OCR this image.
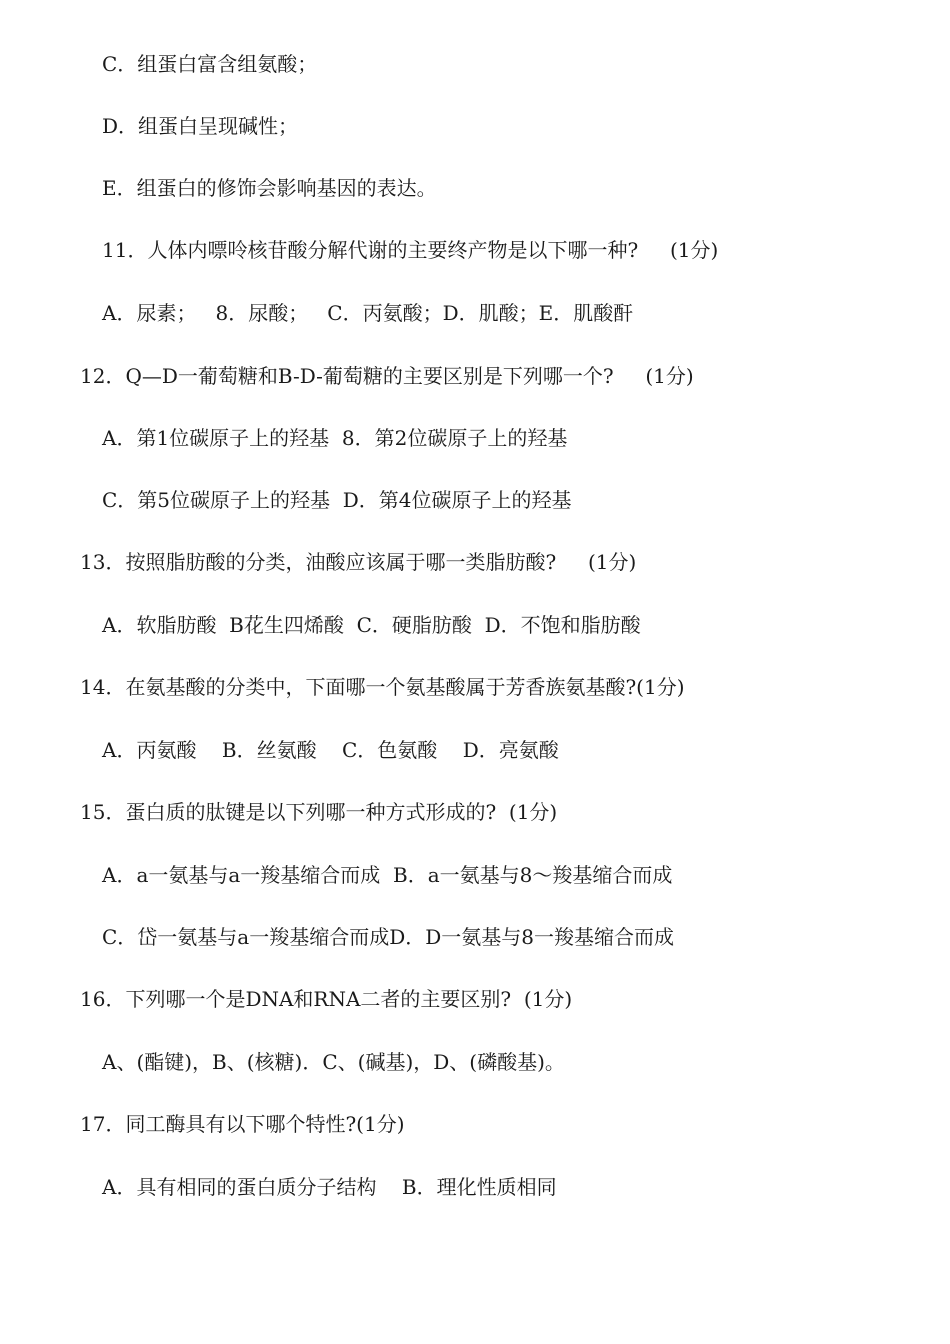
C．组蛋白富含组氨酸；

D．组蛋白呈现碱性；

E．组蛋白的修饰会影响基因的表达。

11．人体内嘌呤核苷酸分解代谢的主要终产物是以下哪一种?     (1分)

A．尿素；   8．尿酸；   C．丙氨酸；D．肌酸；E．肌酸酐

12．Q—D一葡萄糖和B-D-葡萄糖的主要区别是下列哪一个?     (1分)

A．第1位碳原子上的羟基  8．第2位碳原子上的羟基

C．第5位碳原子上的羟基  D．第4位碳原子上的羟基

13．按照脂肪酸的分类，油酸应该属于哪一类脂肪酸?     (1分)

A．软脂肪酸  B花生四烯酸  C．硬脂肪酸  D．不饱和脂肪酸

14．在氨基酸的分类中，下面哪一个氨基酸属于芳香族氨基酸?(1分)

A．丙氨酸    B．丝氨酸    C．色氨酸    D．亮氨酸

15．蛋白质的肽键是以下列哪一种方式形成的?  (1分)

A．a一氨基与a一羧基缩合而成  B．a一氨基与8～羧基缩合而成

C．岱一氨基与a一羧基缩合而成D．D一氨基与8一羧基缩合而成

16．下列哪一个是DNA和RNA二者的主要区别?  (1分)

A、(酯键)，B、(核糖)．C、(碱基)，D、(磷酸基)。

17．同工酶具有以下哪个特性?(1分)

A．具有相同的蛋白质分子结构    B．理化性质相同
